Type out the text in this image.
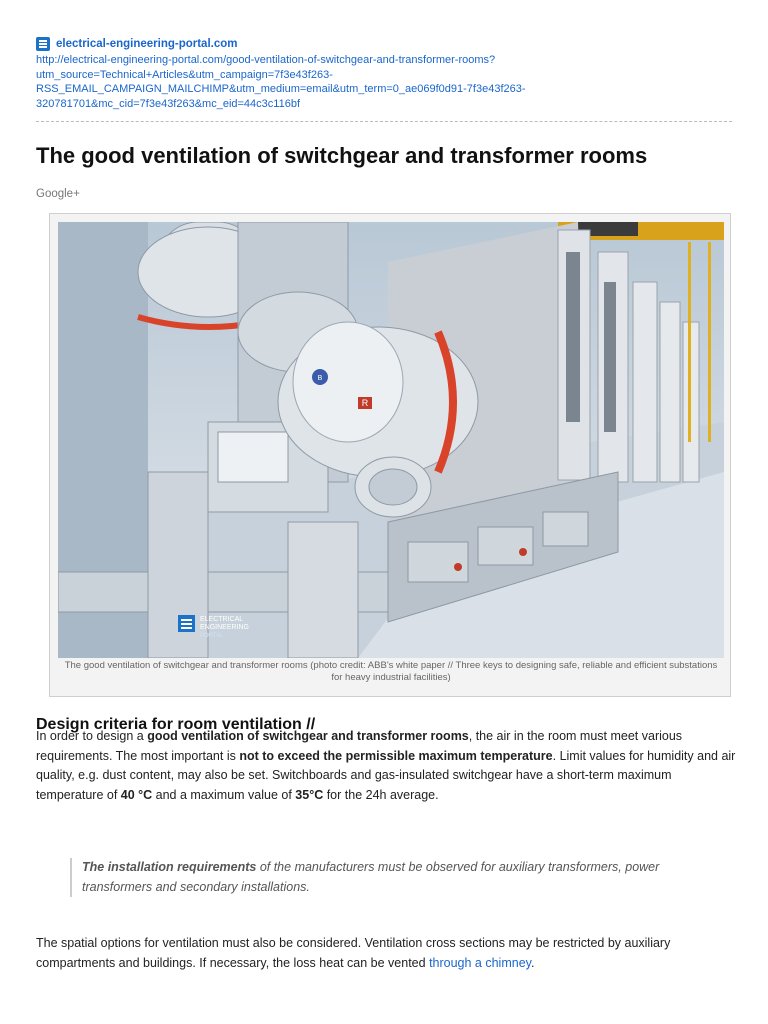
electrical-engineering-portal.com
http://electrical-engineering-portal.com/good-ventilation-of-switchgear-and-transformer-rooms?
utm_source=Technical+Articles&utm_campaign=7f3e43f263-
RSS_EMAIL_CAMPAIGN_MAILCHIMP&utm_medium=email&utm_term=0_ae069f0d91-7f3e43f263-
320781701&mc_cid=7f3e43f263&mc_eid=44c3c116bf
The good ventilation of switchgear and transformer rooms
Google+
R
B
ELECTRICAL
ENGINEERING
PORTAL
The good ventilation of switchgear and transformer rooms (photo credit: ABB's white paper // Three keys to designing safe, reliable and efficient substations for heavy industrial facilities)
Design criteria for room ventilation //
In order to design a good ventilation of switchgear and transformer rooms, the air in the room must meet various requirements. The most important is not to exceed the permissible maximum temperature. Limit values for humidity and air quality, e.g. dust content, may also be set. Switchboards and gas-insulated switchgear have a short-term maximum temperature of 40 °C and a maximum value of 35°C for the 24h average.
The installation requirements of the manufacturers must be observed for auxiliary transformers, power transformers and secondary installations.
The spatial options for ventilation must also be considered. Ventilation cross sections may be restricted by auxiliary compartments and buildings. If necessary, the loss heat can be vented through a chimney.
